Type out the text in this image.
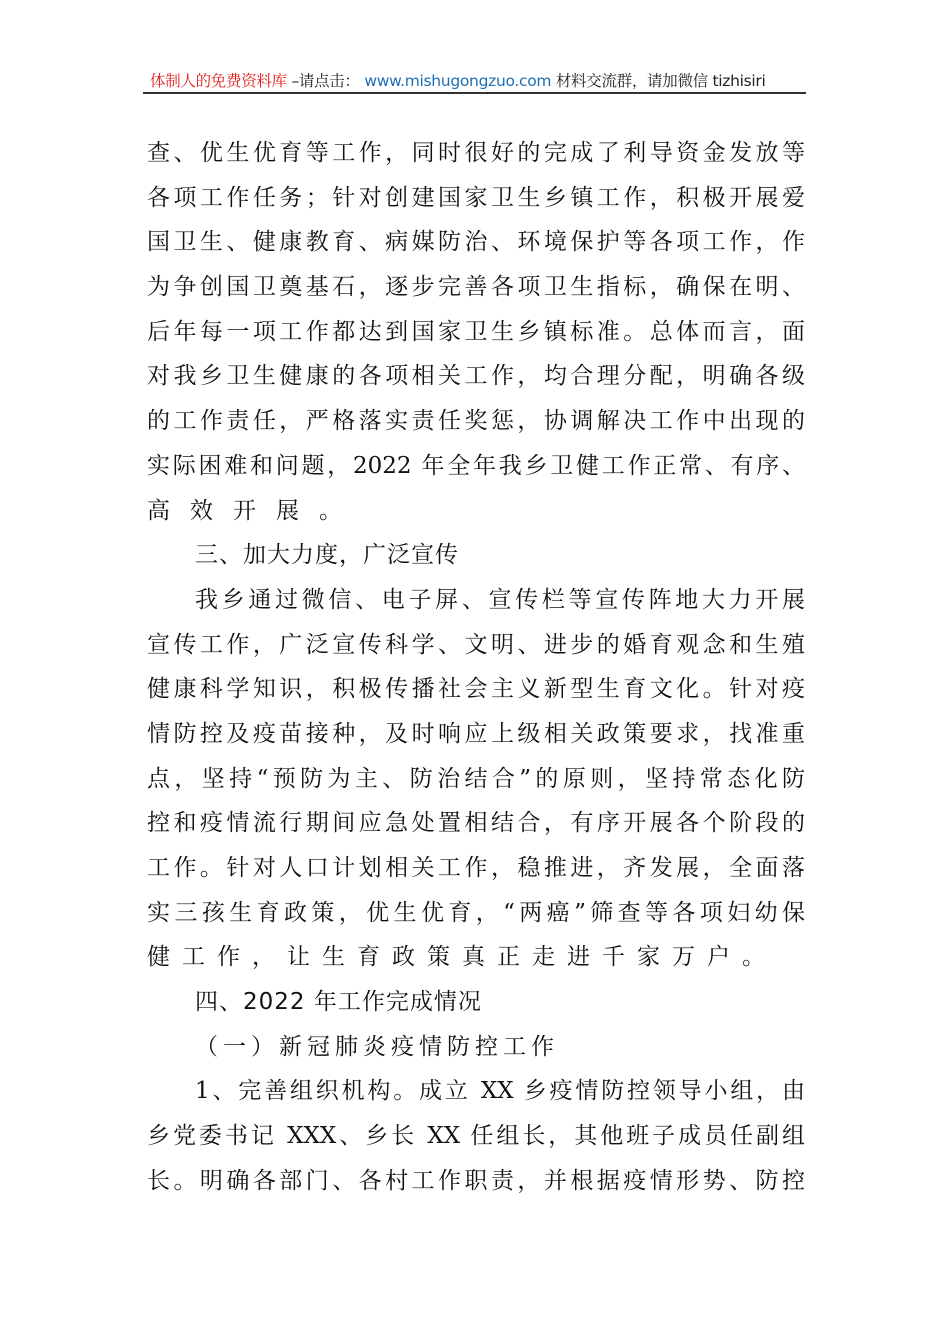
体制人的免费资料库 –请点击： www.mishugongzuo.com 材料交流群，请加微信 tizhisiri
查、优生优育等工作，同时很好的完成了利导资金发放等
各项工作任务；针对创建国家卫生乡镇工作，积极开展爱
国卫生、健康教育、病媒防治、环境保护等各项工作，作
为争创国卫奠基石，逐步完善各项卫生指标，确保在明、
后年每一项工作都达到国家卫生乡镇标准。总体而言，面
对我乡卫生健康的各项相关工作，均合理分配，明确各级
的工作责任，严格落实责任奖惩，协调解决工作中出现的
实际困难和问题，2022 年全年我乡卫健工作正常、有序、
高效开展。
三、加大力度，广泛宣传
我乡通过微信、电子屏、宣传栏等宣传阵地大力开展
宣传工作，广泛宣传科学、文明、进步的婚育观念和生殖
健康科学知识，积极传播社会主义新型生育文化。针对疫
情防控及疫苗接种，及时响应上级相关政策要求，找准重
点，坚持“预防为主、防治结合”的原则，坚持常态化防
控和疫情流行期间应急处置相结合，有序开展各个阶段的
工作。针对人口计划相关工作，稳推进，齐发展，全面落
实三孩生育政策，优生优育，“两癌”筛查等各项妇幼保
健工作，让生育政策真正走进千家万户。
四、2022 年工作完成情况
（一）新冠肺炎疫情防控工作
1、完善组织机构。成立 XX 乡疫情防控领导小组，由
乡党委书记 XXX、乡长 XX 任组长，其他班子成员任副组
长。明确各部门、各村工作职责，并根据疫情形势、防控
